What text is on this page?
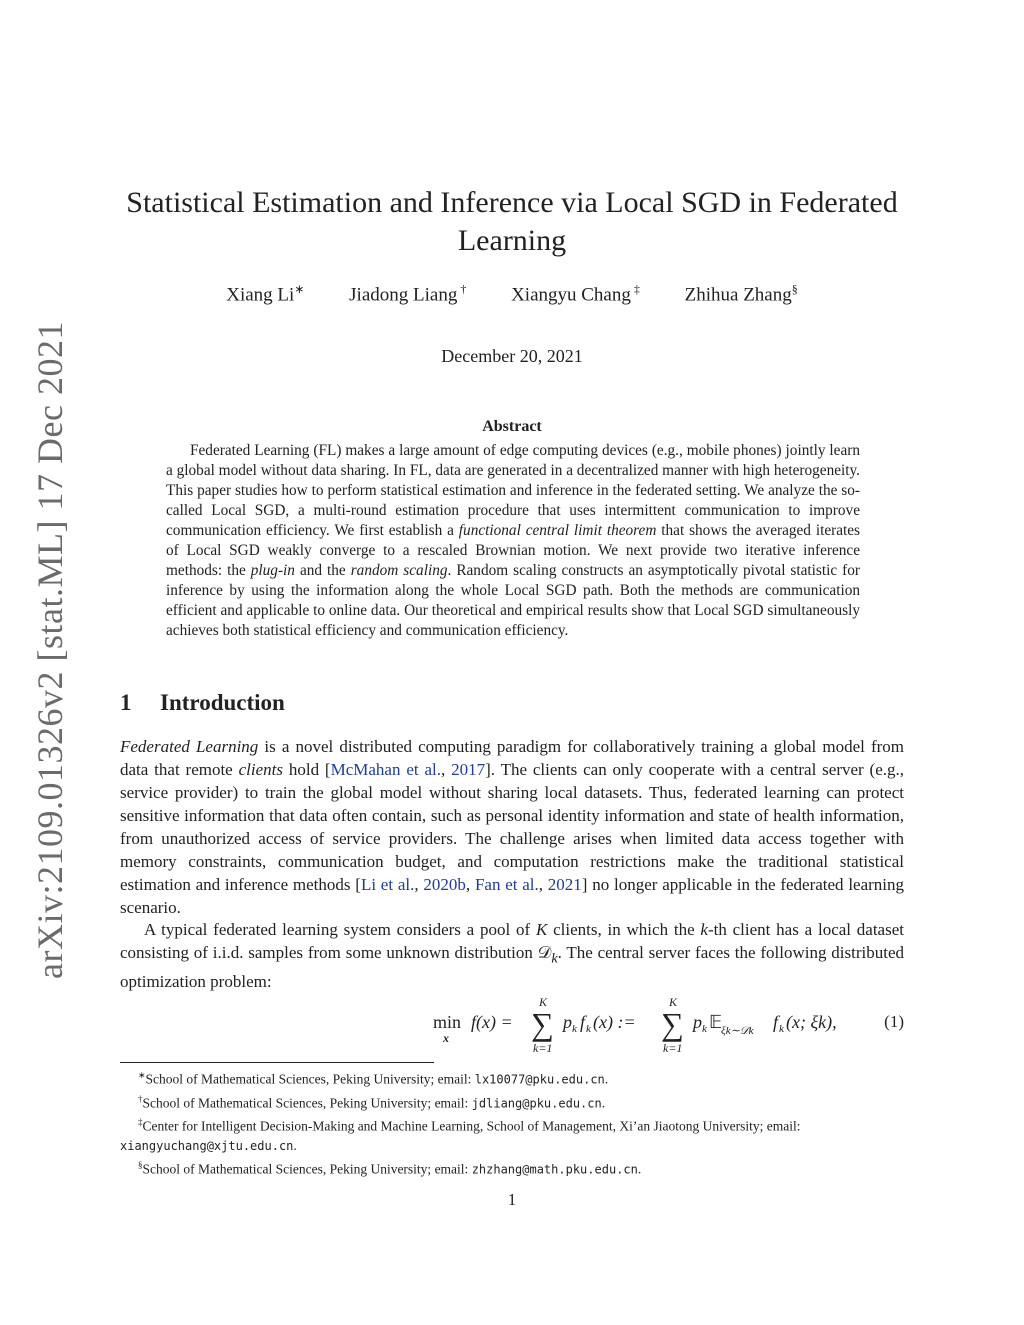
arXiv:2109.01326v2 [stat.ML] 17 Dec 2021
Statistical Estimation and Inference via Local SGD in Federated Learning
Xiang Li∗ Jiadong Liang † Xiangyu Chang ‡ Zhihua Zhang§
December 20, 2021
Abstract

Federated Learning (FL) makes a large amount of edge computing devices (e.g., mobile phones) jointly learn a global model without data sharing. In FL, data are generated in a decentralized manner with high heterogeneity. This paper studies how to perform statistical estimation and inference in the federated setting. We analyze the so-called Local SGD, a multi-round estimation procedure that uses intermittent communication to improve communication efficiency. We first establish a functional central limit theorem that shows the averaged iterates of Local SGD weakly converge to a rescaled Brownian motion. We next provide two iterative inference methods: the plug-in and the random scaling. Random scaling constructs an asymptotically pivotal statistic for inference by using the information along the whole Local SGD path. Both the methods are communication efficient and applicable to online data. Our theoretical and empirical results show that Local SGD simultaneously achieves both statistical efficiency and communication efficiency.

1 Introduction

Federated Learning is a novel distributed computing paradigm for collaboratively training a global model from data that remote clients hold [McMahan et al., 2017]. The clients can only cooperate with a central server (e.g., service provider) to train the global model without sharing local datasets. Thus, federated learning can protect sensitive information that data often contain, such as personal identity information and state of health information, from unauthorized access of service providers. The challenge arises when limited data access together with memory constraints, communication budget, and computation restrictions make the traditional statistical estimation and inference methods [Li et al., 2020b, Fan et al., 2021] no longer applicable in the federated learning scenario.

A typical federated learning system considers a pool of K clients, in which the k-th client has a local dataset consisting of i.i.d. samples from some unknown distribution 𝒟$_k$. The central server faces the following distributed optimization problem:

min
x
f(x) =
K
∑
k=1
p k f k (x) :=
K
∑
k=1
p k 𝔼
ξk∼𝒟k f k (x; ξk),	(1)

∗School of Mathematical Sciences, Peking University; email: lx10077@pku.edu.cn.

†School of Mathematical Sciences, Peking University; email: jdliang@pku.edu.cn.

‡Center for Intelligent Decision-Making and Machine Learning, School of Management, Xi’an Jiaotong University; email: xiangyuchang@xjtu.edu.cn.

§School of Mathematical Sciences, Peking University; email: zhzhang@math.pku.edu.cn.

1
